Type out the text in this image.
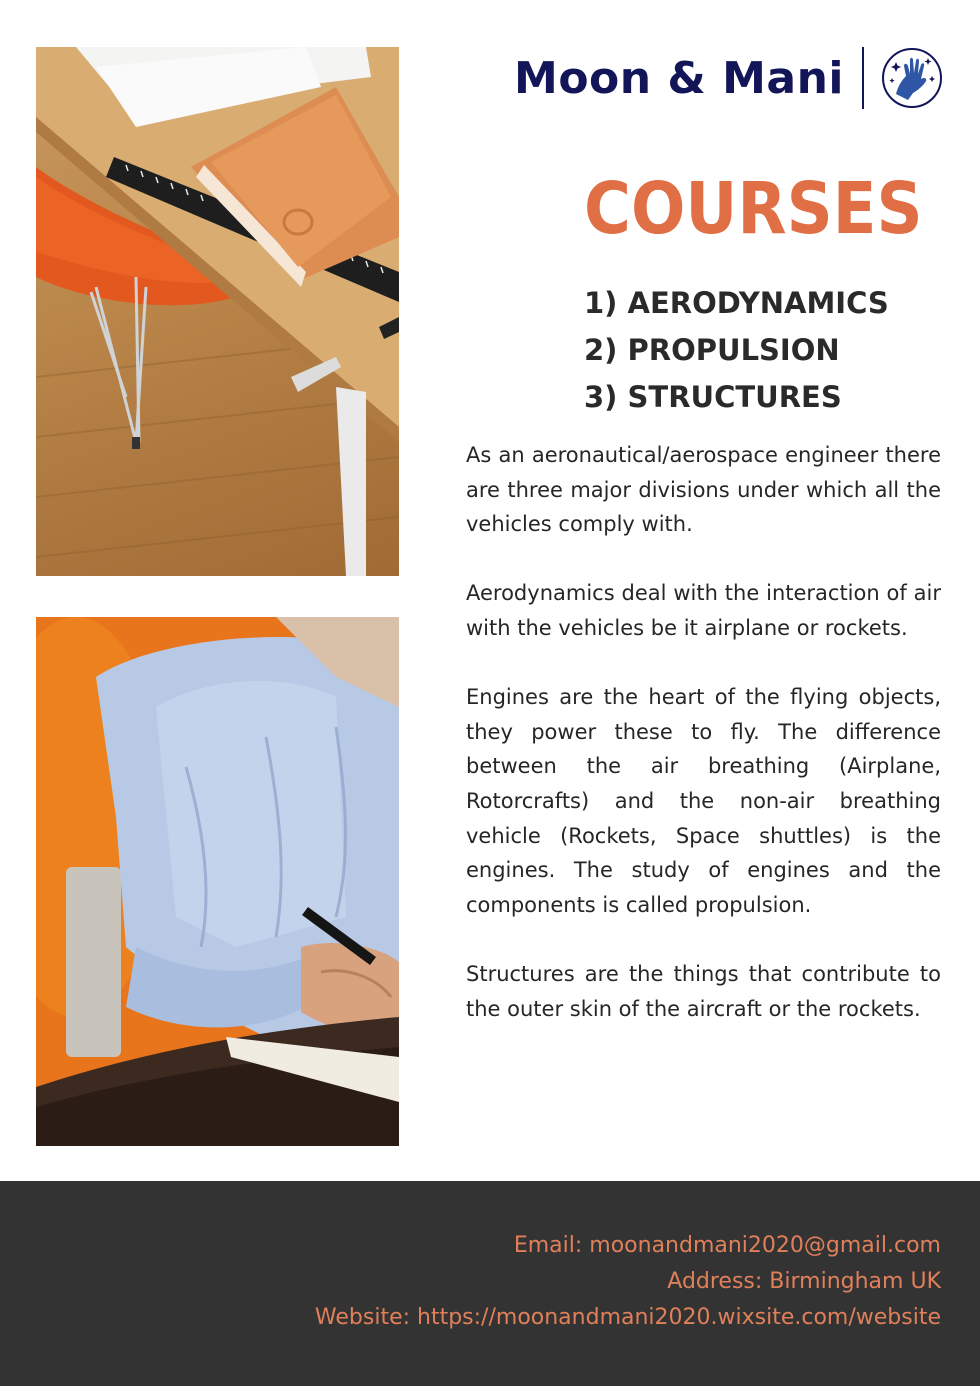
Moon & Mani
COURSES
1) AERODYNAMICS
2) PROPULSION
3) STRUCTURES

As an aeronautical/aerospace engineer there are three major divisions under which all the vehicles comply with.

Aerodynamics deal with the interaction of air with the vehicles be it airplane or rockets.

Engines are the heart of the flying objects, they power these to fly. The difference between the air breathing (Airplane, Rotorcrafts) and the non-air breathing vehicle (Rockets, Space shuttles) is the engines. The study of engines and the components is called propulsion.

Structures are the things that contribute to the outer skin of the aircraft or the rockets.

Email: moonandmani2020@gmail.com
Address: Birmingham UK
Website: https://moonandmani2020.wixsite.com/website
